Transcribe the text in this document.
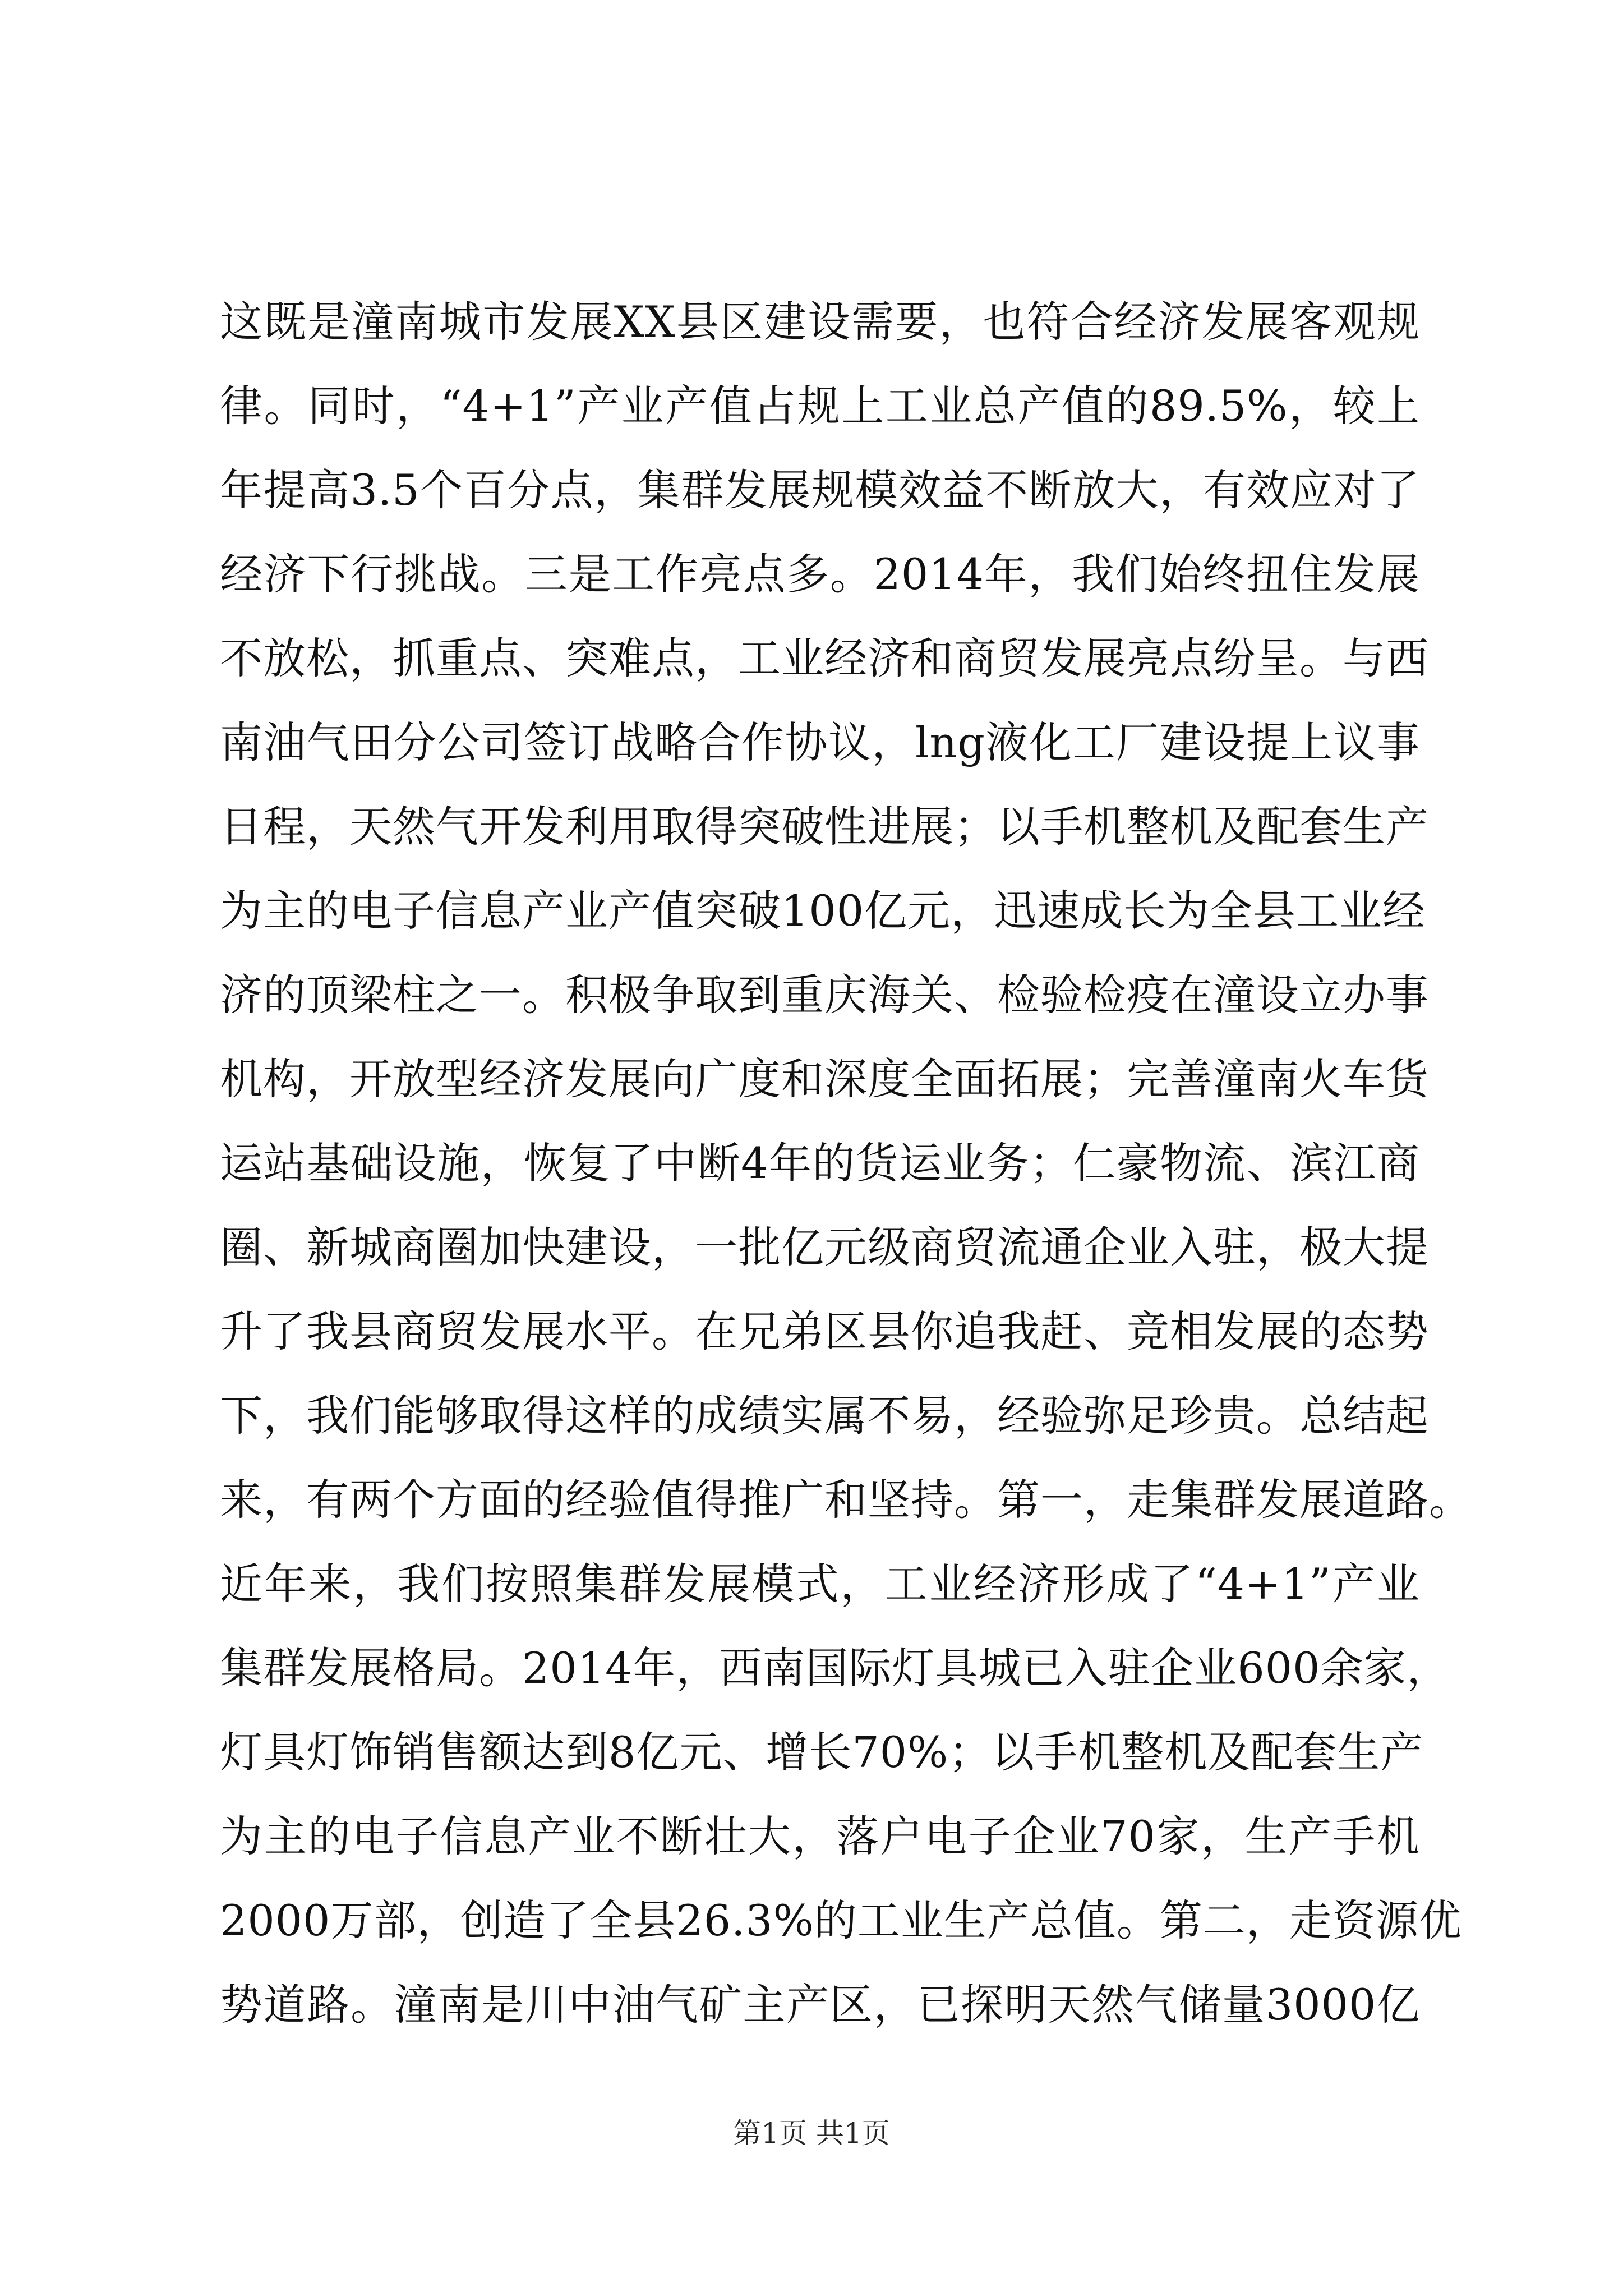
这既是潼南城市发展XX县区建设需要，也符合经济发展客观规
律。同时，“4+1”产业产值占规上工业总产值的89.5%，较上
年提高3.5个百分点，集群发展规模效益不断放大，有效应对了
经济下行挑战。三是工作亮点多。2014年，我们始终扭住发展
不放松，抓重点、突难点，工业经济和商贸发展亮点纷呈。与西
南油气田分公司签订战略合作协议，lng液化工厂建设提上议事
日程，天然气开发利用取得突破性进展；以手机整机及配套生产
为主的电子信息产业产值突破100亿元，迅速成长为全县工业经
济的顶梁柱之一。积极争取到重庆海关、检验检疫在潼设立办事
机构，开放型经济发展向广度和深度全面拓展；完善潼南火车货
运站基础设施，恢复了中断4年的货运业务；仁豪物流、滨江商
圈、新城商圈加快建设，一批亿元级商贸流通企业入驻，极大提
升了我县商贸发展水平。在兄弟区县你追我赶、竞相发展的态势
下，我们能够取得这样的成绩实属不易，经验弥足珍贵。总结起
来，有两个方面的经验值得推广和坚持。第一，走集群发展道路。
近年来，我们按照集群发展模式，工业经济形成了“4+1”产业
集群发展格局。2014年，西南国际灯具城已入驻企业600余家，
灯具灯饰销售额达到8亿元、增长70%；以手机整机及配套生产
为主的电子信息产业不断壮大，落户电子企业70家，生产手机
2000万部，创造了全县26.3%的工业生产总值。第二，走资源优
势道路。潼南是川中油气矿主产区，已探明天然气储量3000亿
第1页 共1页
